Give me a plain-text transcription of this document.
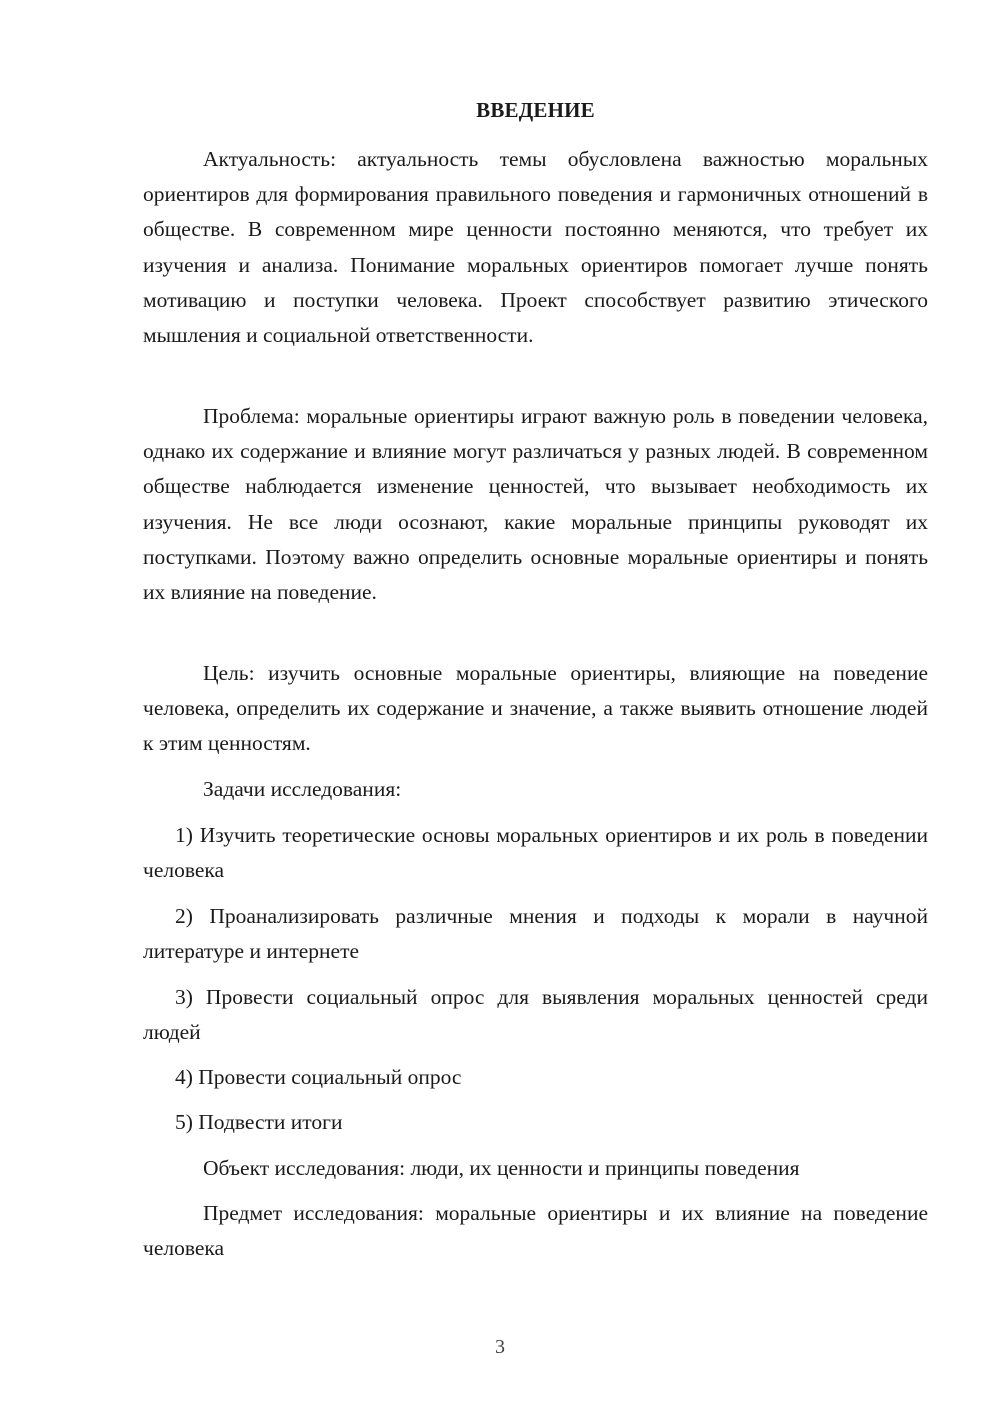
ВВЕДЕНИЕ

Актуальность: актуальность темы обусловлена важностью моральных ориентиров для формирования правильного поведения и гармоничных отношений в обществе. В современном мире ценности постоянно меняются, что требует их изучения и анализа. Понимание моральных ориентиров помогает лучше понять мотивацию и поступки человека. Проект способствует развитию этического мышления и социальной ответственности.

Проблема: моральные ориентиры играют важную роль в поведении человека, однако их содержание и влияние могут различаться у разных людей. В современном обществе наблюдается изменение ценностей, что вызывает необходимость их изучения. Не все люди осознают, какие моральные принципы руководят их поступками. Поэтому важно определить основные моральные ориентиры и понять их влияние на поведение.

Цель: изучить основные моральные ориентиры, влияющие на поведение человека, определить их содержание и значение, а также выявить отношение людей к этим ценностям.

Задачи исследования:

1) Изучить теоретические основы моральных ориентиров и их роль в поведении человека

2) Проанализировать различные мнения и подходы к морали в научной литературе и интернете

3) Провести социальный опрос для выявления моральных ценностей среди людей

4) Провести социальный опрос

5) Подвести итоги

Объект исследования: люди, их ценности и принципы поведения

Предмет исследования: моральные ориентиры и их влияние на поведение человека

3
